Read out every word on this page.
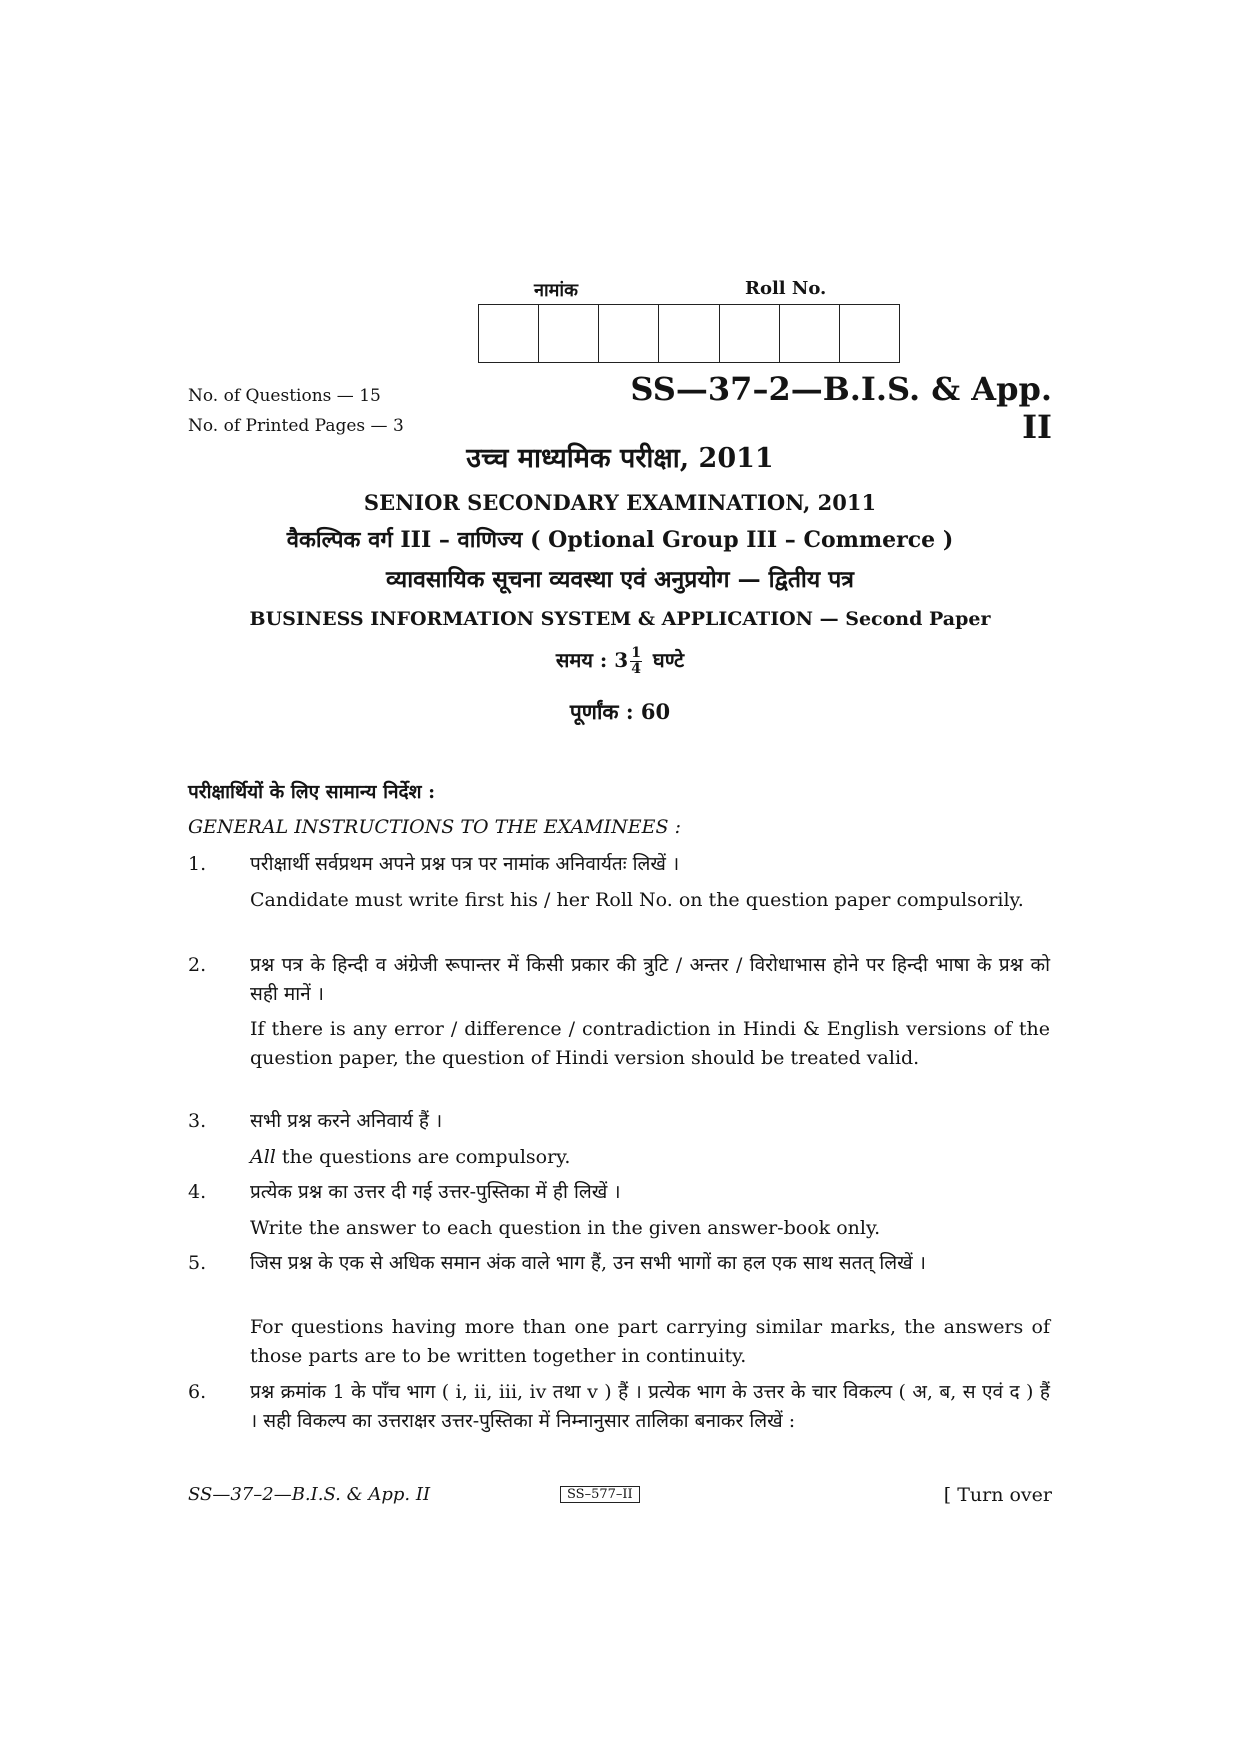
नामांक	Roll No.
No. of Questions — 15
No. of Printed Pages — 3
SS—37–2—B.I.S. & App. II
उच्च माध्यमिक परीक्षा, 2011
SENIOR SECONDARY EXAMINATION, 2011
वैकल्पिक वर्ग III – वाणिज्य ( Optional Group III – Commerce )
व्यावसायिक सूचना व्यवस्था एवं अनुप्रयोग — द्वितीय पत्र
BUSINESS INFORMATION SYSTEM & APPLICATION — Second Paper
समय : $3 \frac{1}{4}$ घण्टे
पूर्णांक : 60
परीक्षार्थियों के लिए सामान्य निर्देश :
GENERAL INSTRUCTIONS TO THE EXAMINEES :
1. परीक्षार्थी सर्वप्रथम अपने प्रश्न पत्र पर नामांक अनिवार्यतः लिखें ।
Candidate must write first his / her Roll No. on the question paper compulsorily.
2. प्रश्न पत्र के हिन्दी व अंग्रेजी रूपान्तर में किसी प्रकार की त्रुटि / अन्तर / विरोधाभास होने पर हिन्दी भाषा के प्रश्न को सही मानें ।
If there is any error / difference / contradiction in Hindi & English versions of the question paper, the question of Hindi version should be treated valid.
3. सभी प्रश्न करने अनिवार्य हैं ।
All the questions are compulsory.
4. प्रत्येक प्रश्न का उत्तर दी गई उत्तर-पुस्तिका में ही लिखें ।
Write the answer to each question in the given answer-book only.
5. जिस प्रश्न के एक से अधिक समान अंक वाले भाग हैं, उन सभी भागों का हल एक साथ सतत् लिखें ।
For questions having more than one part carrying similar marks, the answers of those parts are to be written together in continuity.
6. प्रश्न क्रमांक 1 के पाँच भाग ( i, ii, iii, iv तथा v ) हैं । प्रत्येक भाग के उत्तर के चार विकल्प ( अ, ब, स एवं द ) हैं । सही विकल्प का उत्तराक्षर उत्तर-पुस्तिका में निम्नानुसार तालिका बनाकर लिखें :
SS—37–2—B.I.S. & App. II	SS–577–II	[ Turn over
